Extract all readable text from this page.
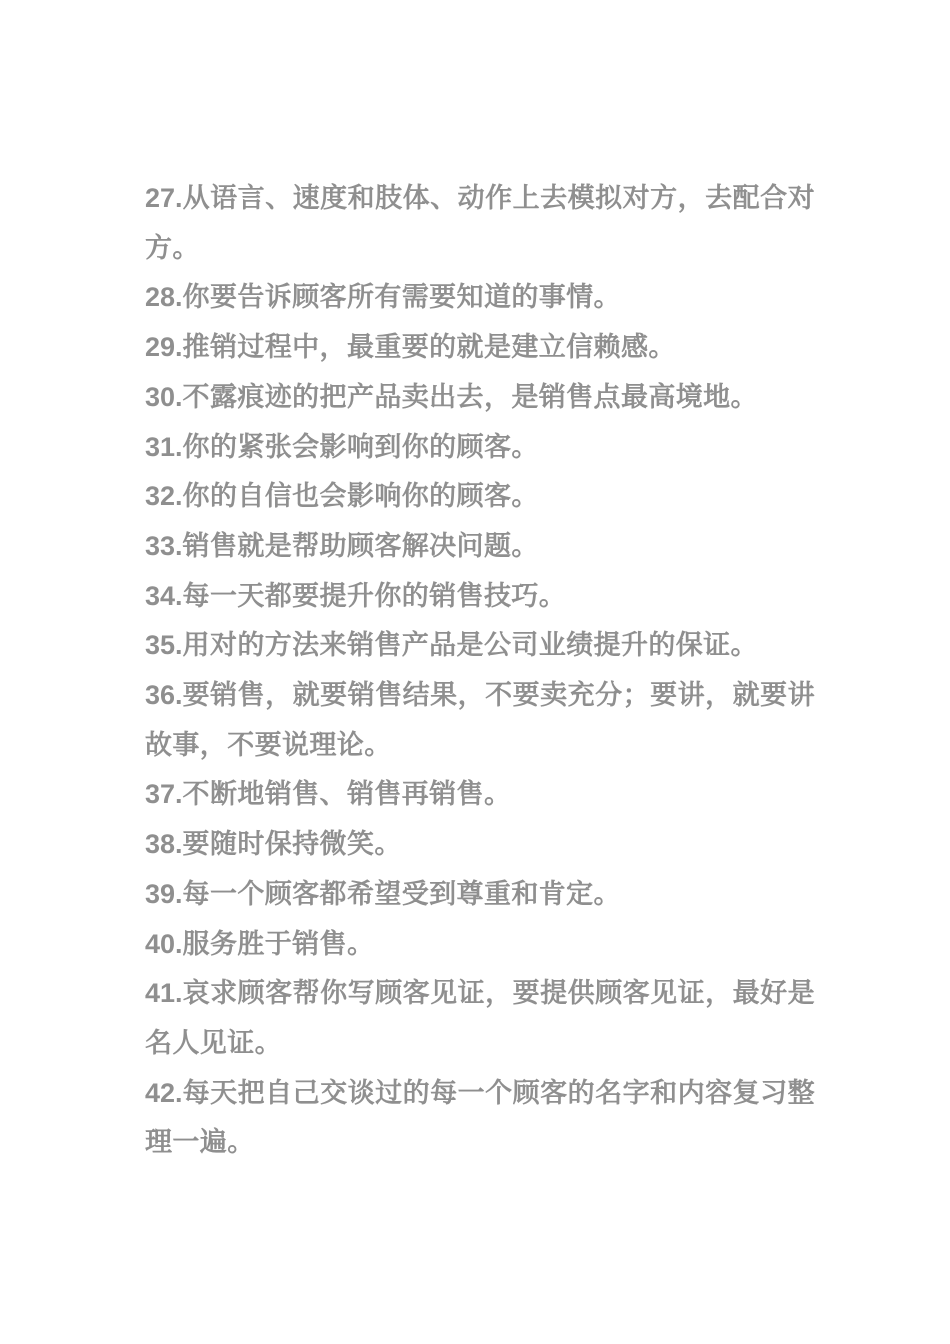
27.从语言、速度和肢体、动作上去模拟对方，去配合对方。
28.你要告诉顾客所有需要知道的事情。
29.推销过程中，最重要的就是建立信赖感。
30.不露痕迹的把产品卖出去，是销售点最高境地。
31.你的紧张会影响到你的顾客。
32.你的自信也会影响你的顾客。
33.销售就是帮助顾客解决问题。
34.每一天都要提升你的销售技巧。
35.用对的方法来销售产品是公司业绩提升的保证。
36.要销售，就要销售结果，不要卖充分；要讲，就要讲故事，不要说理论。
37.不断地销售、销售再销售。
38.要随时保持微笑。
39.每一个顾客都希望受到尊重和肯定。
40.服务胜于销售。
41.哀求顾客帮你写顾客见证，要提供顾客见证，最好是名人见证。
42.每天把自己交谈过的每一个顾客的名字和内容复习整理一遍。
